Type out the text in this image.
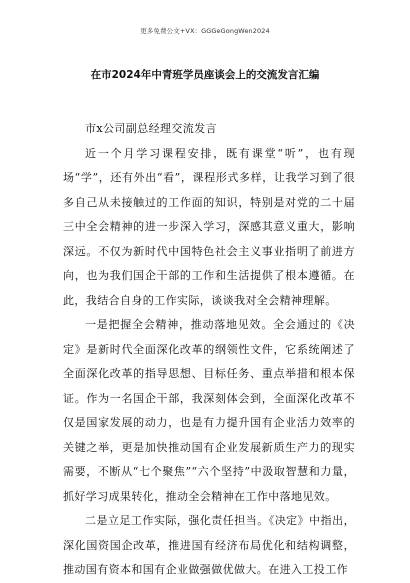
更多免费公文+VX：GGGeGongWen2024
在市2024年中青班学员座谈会上的交流发言汇编

市x公司副总经理交流发言

近一个月学习课程安排，既有课堂“听”，也有现场“学”，还有外出“看”，课程形式多样，让我学习到了很多自己从未接触过的工作面的知识，特别是对党的二十届三中全会精神的进一步深入学习，深感其意义重大，影响深远。不仅为新时代中国特色社会主义事业指明了前进方向，也为我们国企干部的工作和生活提供了根本遵循。在此，我结合自身的工作实际，谈谈我对全会精神理解。

一是把握全会精神，推动落地见效。全会通过的《决定》是新时代全面深化改革的纲领性文件，它系统阐述了全面深化改革的指导思想、目标任务、重点举措和根本保证。作为一名国企干部，我深刻体会到，全面深化改革不仅是国家发展的动力，也是有力提升国有企业活力效率的关键之举，更是加快推动国有企业发展新质生产力的现实需要，不断从“七个聚焦”“六个坚持”中汲取智慧和力量，抓好学习成果转化，推动全会精神在工作中落地见效。

二是立足工作实际，强化责任担当。《决定》中指出，深化国资国企改革，推进国有经济布局优化和结构调整，推动国有资本和国有企业做强做优做大。在进入工投工作
